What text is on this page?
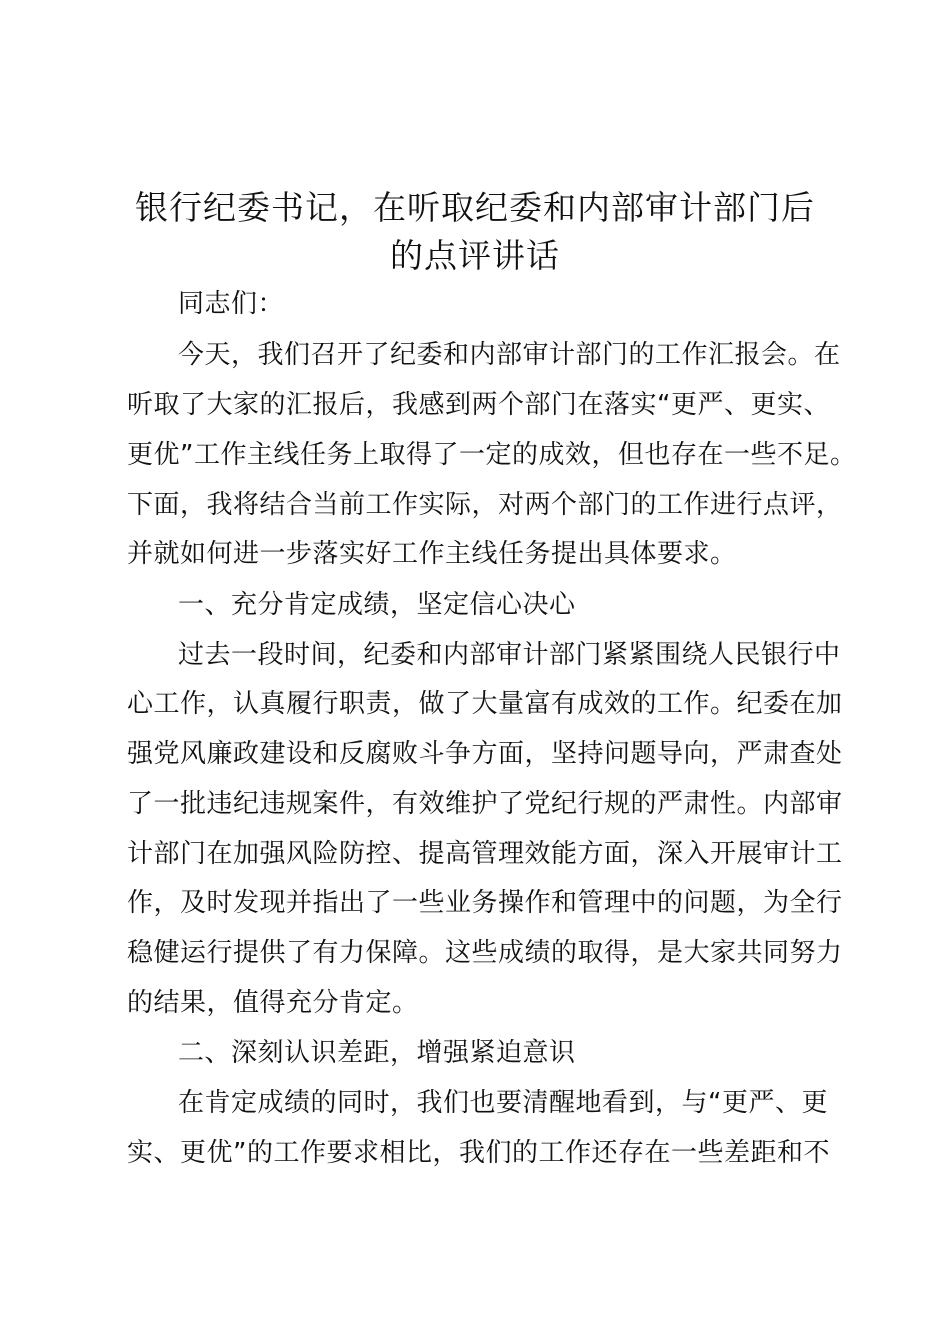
银行纪委书记，在听取纪委和内部审计部门后
的点评讲话
同志们：
今天，我们召开了纪委和内部审计部门的工作汇报会。在
听取了大家的汇报后，我感到两个部门在落实“更严、更实、
更优”工作主线任务上取得了一定的成效，但也存在一些不足。
下面，我将结合当前工作实际，对两个部门的工作进行点评，
并就如何进一步落实好工作主线任务提出具体要求。
一、充分肯定成绩，坚定信心决心
过去一段时间，纪委和内部审计部门紧紧围绕人民银行中
心工作，认真履行职责，做了大量富有成效的工作。纪委在加
强党风廉政建设和反腐败斗争方面，坚持问题导向，严肃查处
了一批违纪违规案件，有效维护了党纪行规的严肃性。内部审
计部门在加强风险防控、提高管理效能方面，深入开展审计工
作，及时发现并指出了一些业务操作和管理中的问题，为全行
稳健运行提供了有力保障。这些成绩的取得，是大家共同努力
的结果，值得充分肯定。
二、深刻认识差距，增强紧迫意识
在肯定成绩的同时，我们也要清醒地看到，与“更严、更
实、更优”的工作要求相比，我们的工作还存在一些差距和不
